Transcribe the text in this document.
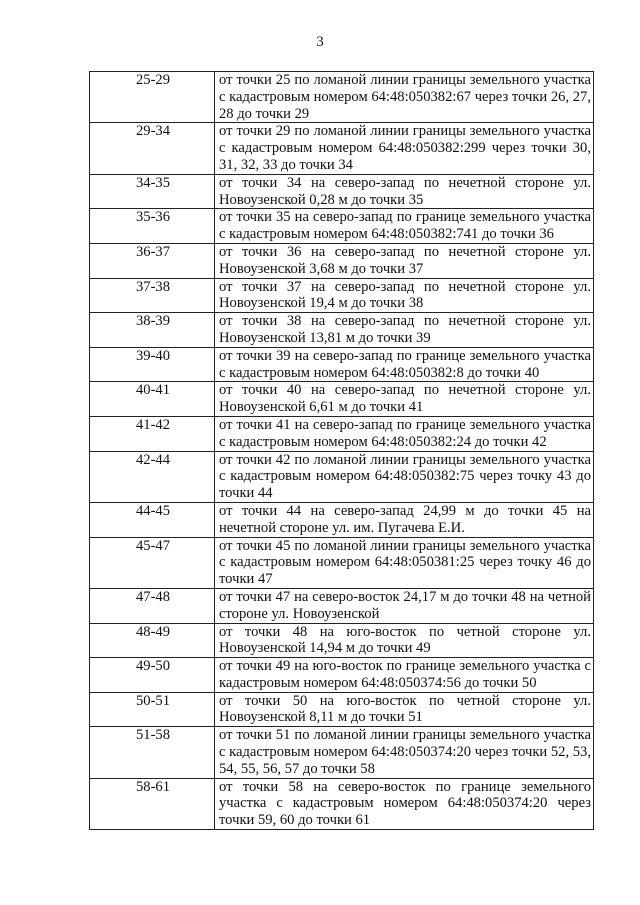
3
25-29	от точки 25 по ломаной линии границы земельного участка с кадастровым номером 64:48:050382:67 через точки 26, 27, 28 до точки 29
29-34	от точки 29 по ломаной линии границы земельного участка с кадастровым номером 64:48:050382:299 через точки 30, 31, 32, 33 до точки 34
34-35	от точки 34 на северо-запад по нечетной стороне ул. Новоузенской 0,28 м до точки 35
35-36	от точки 35 на северо-запад по границе земельного участка с кадастровым номером 64:48:050382:741 до точки 36
36-37	от точки 36 на северо-запад по нечетной стороне ул. Новоузенской 3,68 м до точки 37
37-38	от точки 37 на северо-запад по нечетной стороне ул. Новоузенской 19,4 м до точки 38
38-39	от точки 38 на северо-запад по нечетной стороне ул. Новоузенской 13,81 м до точки 39
39-40	от точки 39 на северо-запад по границе земельного участка с кадастровым номером 64:48:050382:8 до точки 40
40-41	от точки 40 на северо-запад по нечетной стороне ул. Новоузенской 6,61 м до точки 41
41-42	от точки 41 на северо-запад по границе земельного участка с кадастровым номером 64:48:050382:24 до точки 42
42-44	от точки 42 по ломаной линии границы земельного участка с кадастровым номером 64:48:050382:75 через точку 43 до точки 44
44-45	от точки 44 на северо-запад 24,99 м до точки 45 на нечетной стороне ул. им. Пугачева Е.И.
45-47	от точки 45 по ломаной линии границы земельного участка с кадастровым номером 64:48:050381:25 через точку 46 до точки 47
47-48	от точки 47 на северо-восток 24,17 м до точки 48 на четной стороне ул. Новоузенской
48-49	от точки 48 на юго-восток по четной стороне ул. Новоузенской 14,94 м до точки 49
49-50	от точки 49 на юго-восток по границе земельного участка с кадастровым номером 64:48:050374:56 до точки 50
50-51	от точки 50 на юго-восток по четной стороне ул. Новоузенской 8,11 м до точки 51
51-58	от точки 51 по ломаной линии границы земельного участка с кадастровым номером 64:48:050374:20 через точки 52, 53, 54, 55, 56, 57 до точки 58
58-61	от точки 58 на северо-восток по границе земельного участка с кадастровым номером 64:48:050374:20 через точки 59, 60 до точки 61
